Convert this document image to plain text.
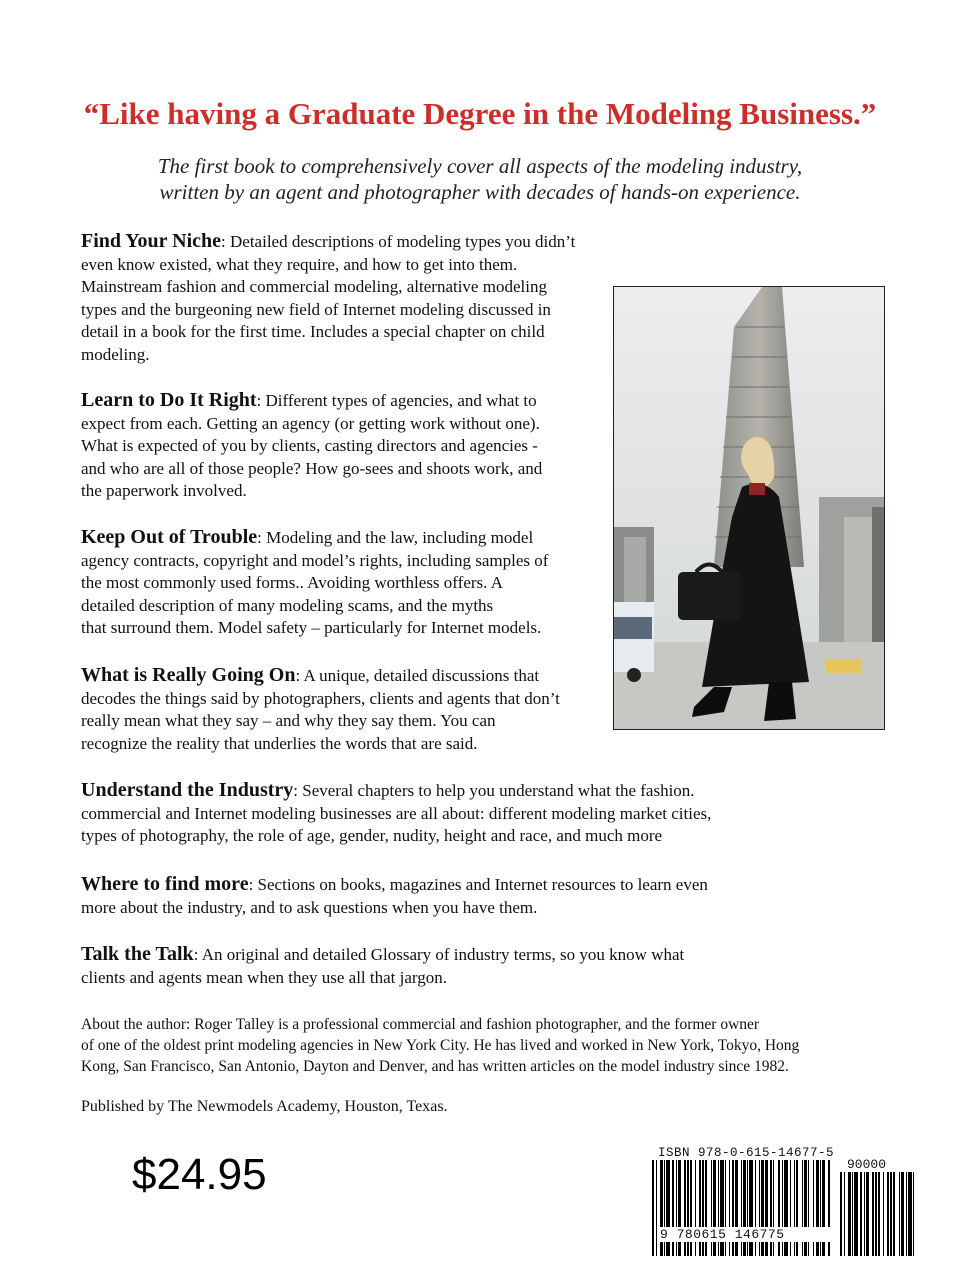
“Like having a Graduate Degree in the Modeling Business.”

The first book to comprehensively cover all aspects of the modeling industry,
written by an agent and photographer with decades of hands-on experience.

Find Your Niche: Detailed descriptions of modeling types you didn’t
even know existed, what they require, and how to get into them.
Mainstream fashion and commercial modeling, alternative modeling
types and the burgeoning new field of Internet modeling discussed in
detail in a book for the first time. Includes a special chapter on child
modeling.

Learn to Do It Right: Different types of agencies, and what to
expect from each. Getting an agency (or getting work without one).
What is expected of you by clients, casting directors and agencies -
and who are all of those people? How go-sees and shoots work, and
the paperwork involved.

Keep Out of Trouble: Modeling and the law, including model
agency contracts, copyright and model’s rights, including samples of
the most commonly used forms.. Avoiding worthless offers. A
detailed description of many modeling scams, and the myths
that surround them. Model safety – particularly for Internet models.

What is Really Going On: A unique, detailed discussions that
decodes the things said by photographers, clients and agents that don’t
really mean what they say – and why they say them. You can
recognize the reality that underlies the words that are said.

Understand the Industry: Several chapters to help you understand what the fashion.
commercial and Internet modeling businesses are all about: different modeling market cities,
types of photography, the role of age, gender, nudity, height and race, and much more

Where to find more: Sections on books, magazines and Internet resources to learn even
more about the industry, and to ask questions when you have them.

Talk the Talk: An original and detailed Glossary of industry terms, so you know what
clients and agents mean when they use all that jargon.

About the author: Roger Talley is a professional commercial and fashion photographer, and the former owner
of one of the oldest print modeling agencies in New York City. He has lived and worked in New York, Tokyo, Hong
Kong, San Francisco, San Antonio, Dayton and Denver, and has written articles on the model industry since 1982.
Published by The Newmodels Academy, Houston, Texas.
$24.95	ISBN 978-0-615-14677-5
90000
9 780615 146775
